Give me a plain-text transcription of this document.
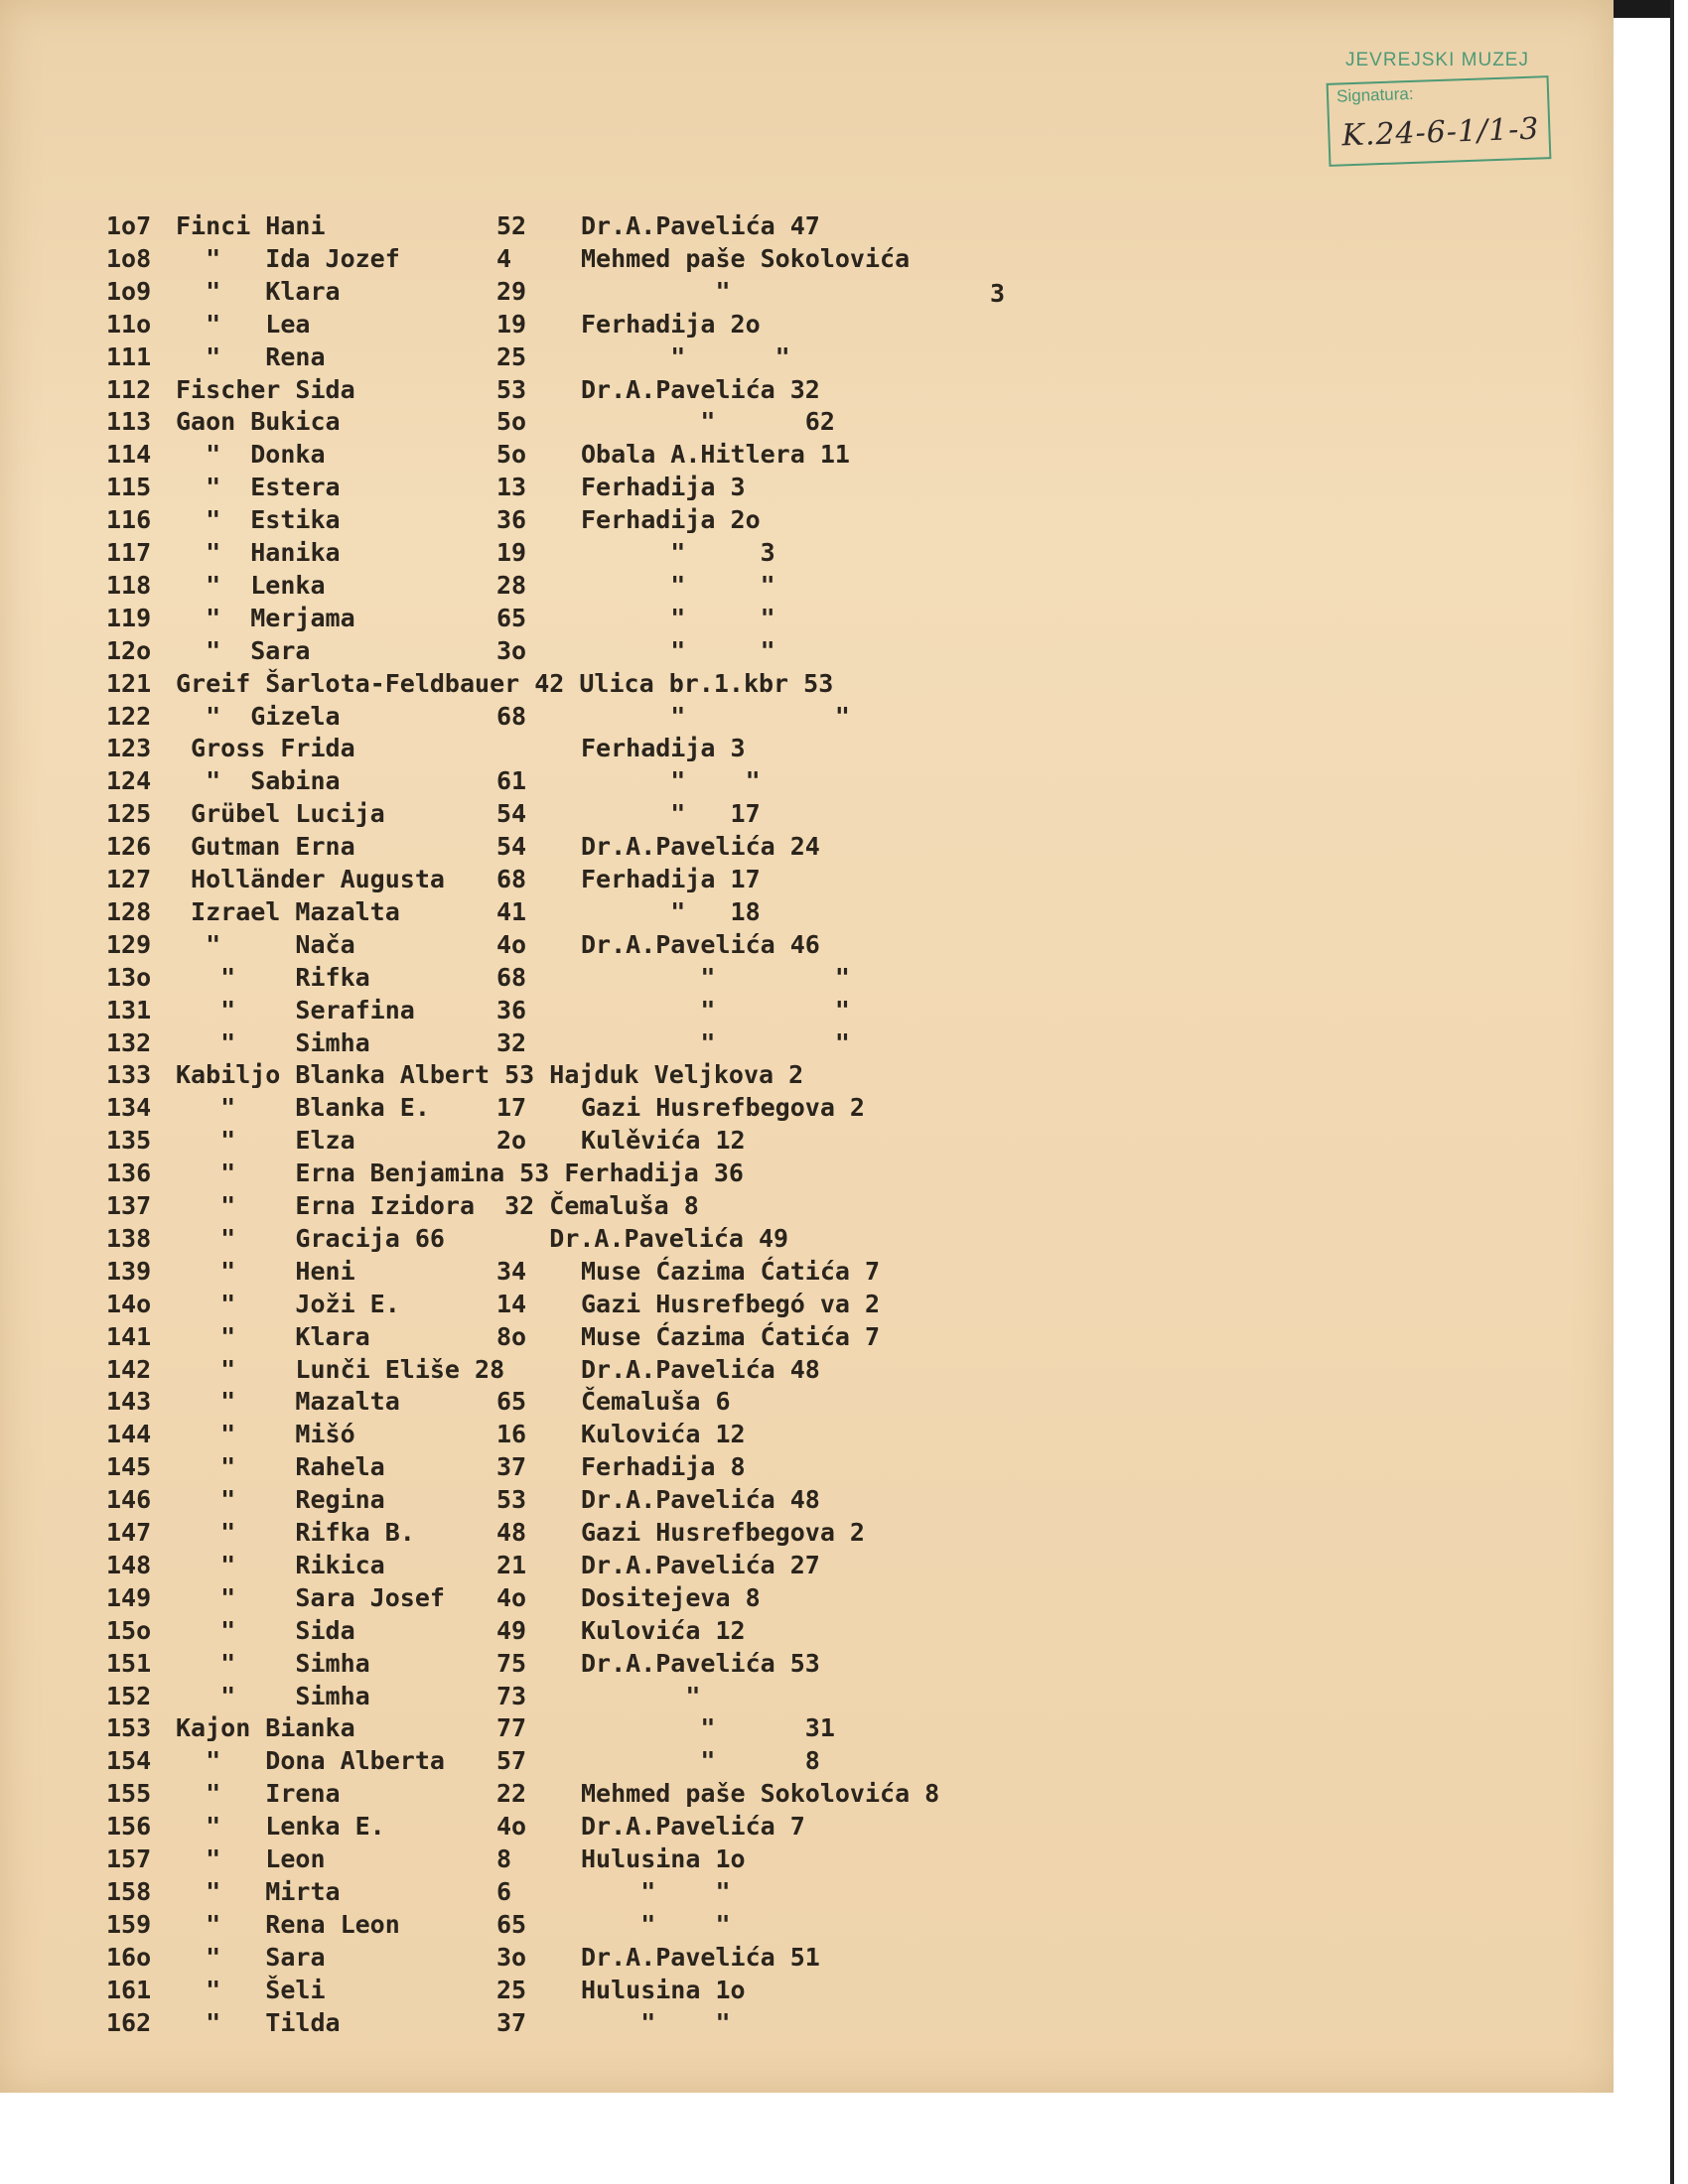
JEVREJSKI MUZEJ
Signatura:
K.24-6-1/1-3
3
1o7 Finci Hani	52 Dr.A.Pavelića 47
1o8 "   Ida Jozef	4	Mehmed paše Sokolovića
1o9 "   Klara	29 "
11o "   Lea	19 Ferhadija 2o
111 "   Rena	25 "      "
112 Fischer Sida	53 Dr.A.Pavelića 32
113 Gaon Bukica	5o "      62
114 "  Donka	5o Obala A.Hitlera 11
115 "  Estera	13 Ferhadija 3
116 "  Estika	36 Ferhadija 2o
117 "  Hanika	19 "     3
118 "  Lenka	28 "     "
119 "  Merjama	65 "     "
12o "  Sara	3o "     "
121 Greif Šarlota-Feldbauer 42 Ulica br.1.kbr 53
122 "  Gizela	68 "          "
123 Gross Frida	Ferhadija 3
124 "  Sabina	61 "    "
125 Grübel Lucija	54 "   17
126 Gutman Erna	54 Dr.A.Pavelića 24
127 Holländer Augusta 68 Ferhadija 17
128 Izrael Mazalta	41 "   18
129 "     Nača	4o Dr.A.Pavelića 46
13o "    Rifka	68 "        "
131 "    Serafina	36 "        "
132 "    Simha	32 "        "
133 Kabiljo Blanka Albert 53 Hajduk Veljkova 2
134 "    Blanka E.	17 Gazi Husrefbegova 2
135 "    Elza	2o Kulěvića 12
136 "    Erna Benjamina 53 Ferhadija 36
137 "    Erna Izidora  32 Čemaluša 8
138 "    Gracija 66       Dr.A.Pavelića 49
139 "    Heni	34 Muse Ćazima Ćatića 7
14o "    Joži E.	14 Gazi Husrefbegó va 2
141 "    Klara	8o Muse Ćazima Ćatića 7
142 "    Lunči Eliše 28	Dr.A.Pavelića 48
143 "    Mazalta	65 Čemaluša 6
144 "    Mišó	16 Kulovića 12
145 "    Rahela	37 Ferhadija 8
146 "    Regina	53 Dr.A.Pavelića 48
147 "    Rifka B.	48 Gazi Husrefbegova 2
148 "    Rikica	21 Dr.A.Pavelića 27
149 "    Sara Josef 4o Dositejeva 8
15o "    Sida	49 Kulovića 12
151 "    Simha	75 Dr.A.Pavelića 53
152 "    Simha	73 "
153 Kajon Bianka	77 "      31
154 "   Dona Alberta 57 "      8
155 "   Irena	22 Mehmed paše Sokolovića 8
156 "   Lenka E.	4o Dr.A.Pavelića 7
157 "   Leon	8	Hulusina 1o
158 "   Mirta	6	"    "
159 "   Rena Leon	65 "    "
16o "   Sara	3o Dr.A.Pavelića 51
161 "   Šeli	25 Hulusina 1o
162 "   Tilda	37 "    "
